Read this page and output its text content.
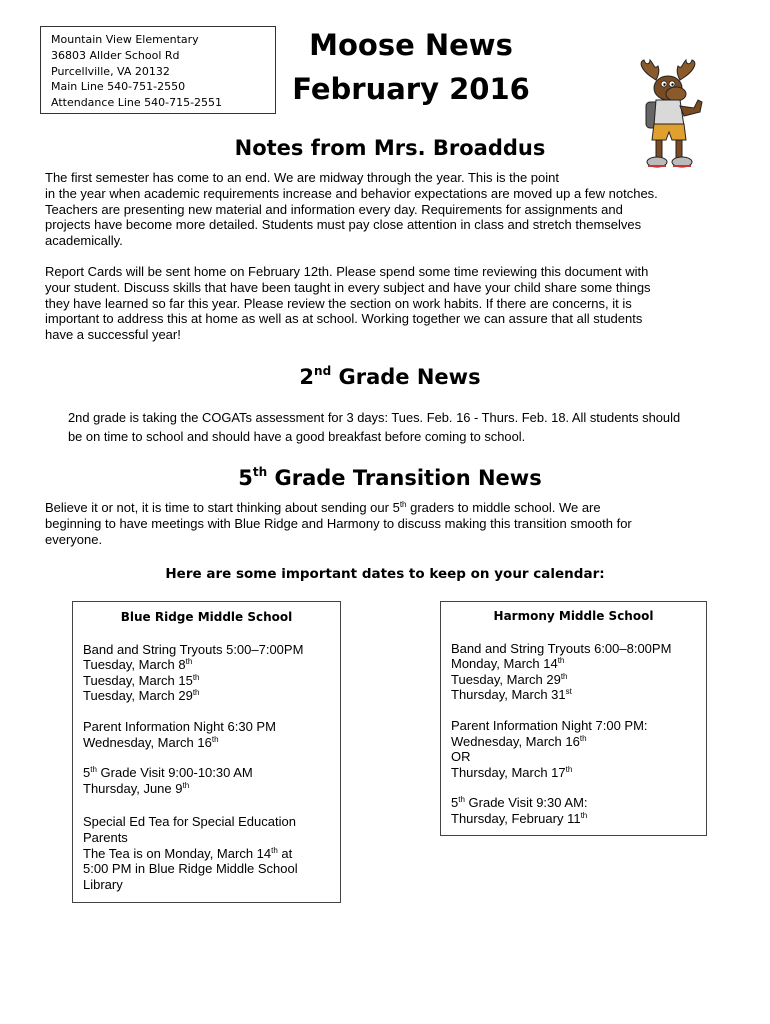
Mountain View Elementary
36803 Allder School Rd
Purcellville, VA 20132
Main Line 540-751-2550
Attendance Line 540-715-2551
Moose News
February 2016
Notes from Mrs. Broaddus
The first semester has come to an end. We are midway through the year. This is the point
in the year when academic requirements increase and behavior expectations are moved up a few notches.
Teachers are presenting new material and information every day. Requirements for assignments and
projects have become more detailed. Students must pay close attention in class and stretch themselves
academically.
Report Cards will be sent home on February 12th. Please spend some time reviewing this document with
your student. Discuss skills that have been taught in every subject and have your child share some things
they have learned so far this year. Please review the section on work habits. If there are concerns, it is
important to address this at home as well as at school. Working together we can assure that all students
have a successful year!
2nd Grade News
2nd grade is taking the COGATs assessment for 3 days: Tues. Feb. 16 - Thurs. Feb. 18. All students should
be on time to school and should have a good breakfast before coming to school.
5th Grade Transition News
Believe it or not, it is time to start thinking about sending our 5th graders to middle school. We are
beginning to have meetings with Blue Ridge and Harmony to discuss making this transition smooth for
everyone.
Here are some important dates to keep on your calendar:
Blue Ridge Middle School
Band and String Tryouts 5:00–7:00PM
Tuesday, March 8th
Tuesday, March 15th
Tuesday, March 29th
Parent Information Night 6:30 PM
Wednesday, March 16th
5th Grade Visit 9:00-10:30 AM
Thursday, June 9th
Special Ed Tea for Special Education
Parents
The Tea is on Monday, March 14th at
5:00 PM in Blue Ridge Middle School
Library
Harmony Middle School
Band and String Tryouts 6:00–8:00PM
Monday, March 14th
Tuesday, March 29th
Thursday, March 31st
Parent Information Night 7:00 PM:
Wednesday, March 16th
OR
Thursday, March 17th
5th Grade Visit 9:30 AM:
Thursday, February 11th
